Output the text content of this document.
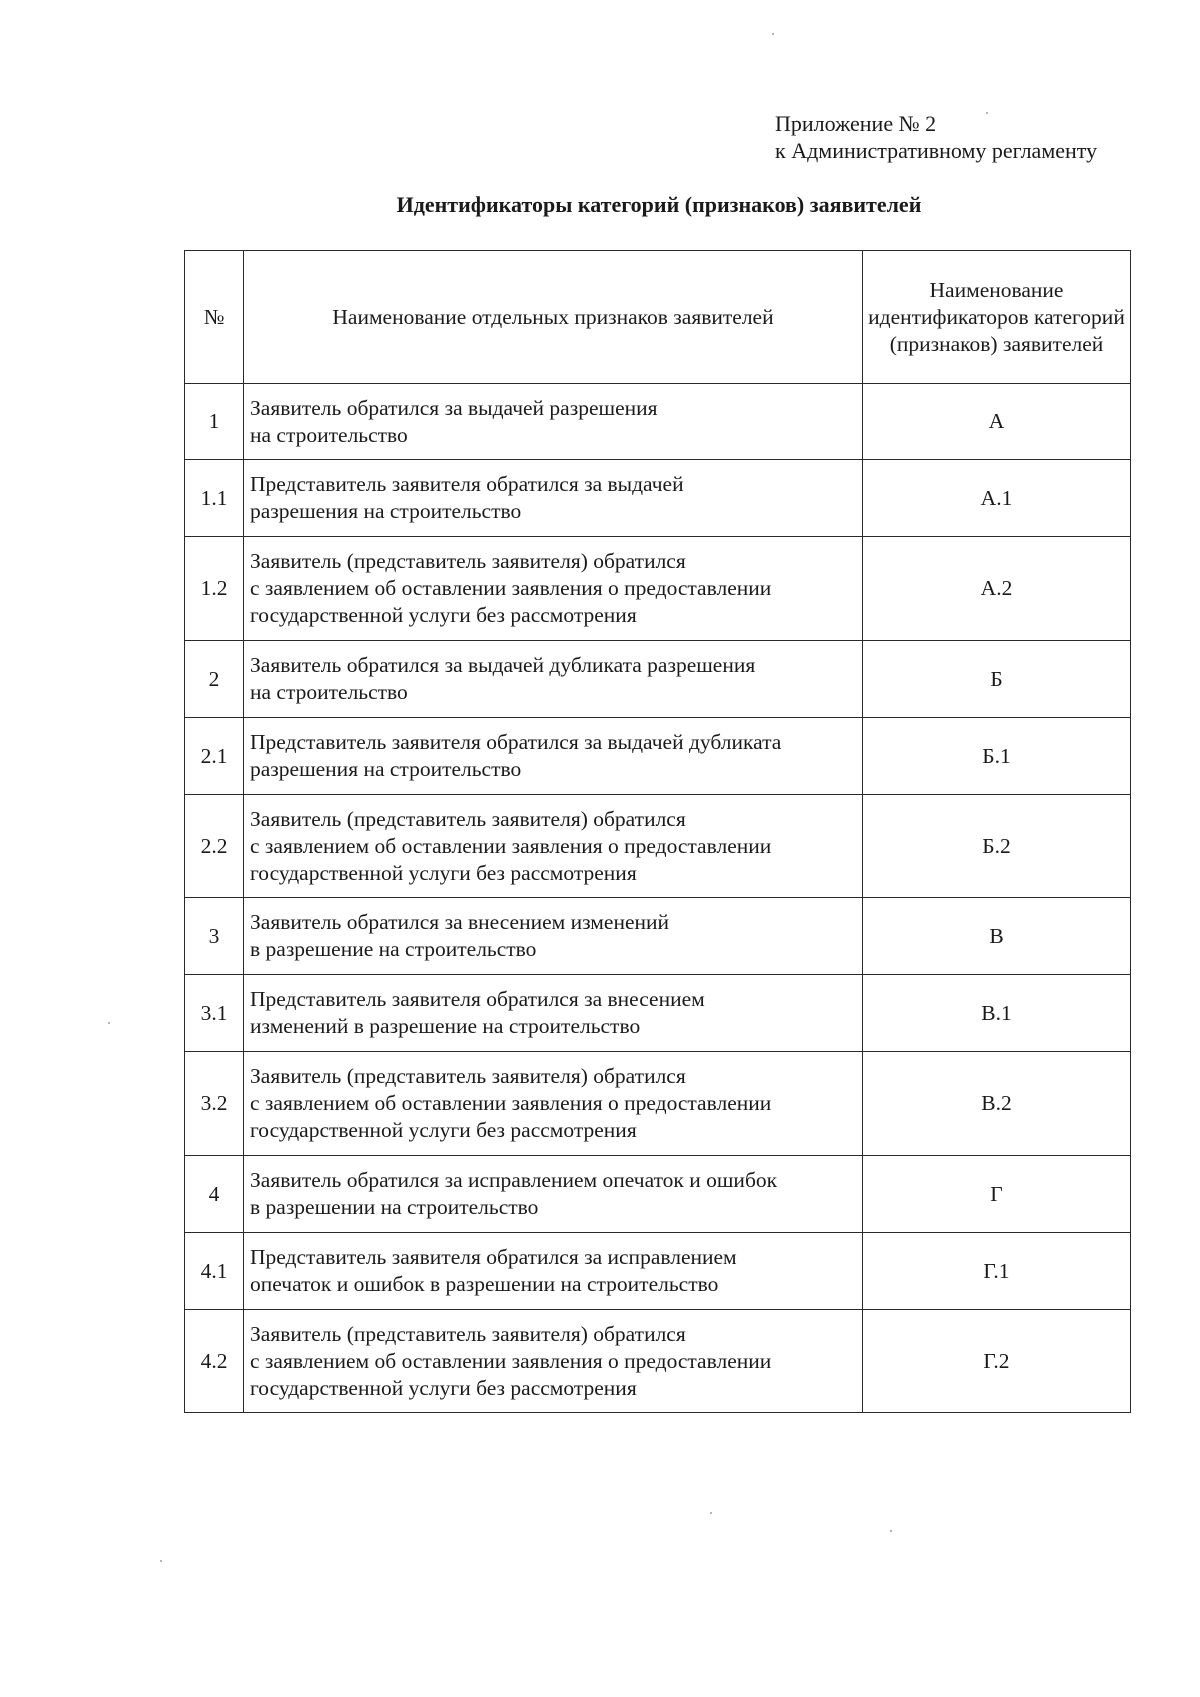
Приложение № 2
к Административному регламенту
Идентификаторы категорий (признаков) заявителей
№	Наименование отдельных признаков заявителей	Наименование идентификаторов категорий (признаков) заявителей
1	Заявитель обратился за выдачей разрешения
на строительство	А
1.1	Представитель заявителя обратился за выдачей
разрешения на строительство	А.1
1.2	Заявитель (представитель заявителя) обратился
с заявлением об оставлении заявления о предоставлении
государственной услуги без рассмотрения	А.2
2	Заявитель обратился за выдачей дубликата разрешения
на строительство	Б
2.1	Представитель заявителя обратился за выдачей дубликата
разрешения на строительство	Б.1
2.2	Заявитель (представитель заявителя) обратился
с заявлением об оставлении заявления о предоставлении
государственной услуги без рассмотрения	Б.2
3	Заявитель обратился за внесением изменений
в разрешение на строительство	В
3.1	Представитель заявителя обратился за внесением
изменений в разрешение на строительство	В.1
3.2	Заявитель (представитель заявителя) обратился
с заявлением об оставлении заявления о предоставлении
государственной услуги без рассмотрения	В.2
4	Заявитель обратился за исправлением опечаток и ошибок
в разрешении на строительство	Г
4.1	Представитель заявителя обратился за исправлением
опечаток и ошибок в разрешении на строительство	Г.1
4.2	Заявитель (представитель заявителя) обратился
с заявлением об оставлении заявления о предоставлении
государственной услуги без рассмотрения	Г.2
